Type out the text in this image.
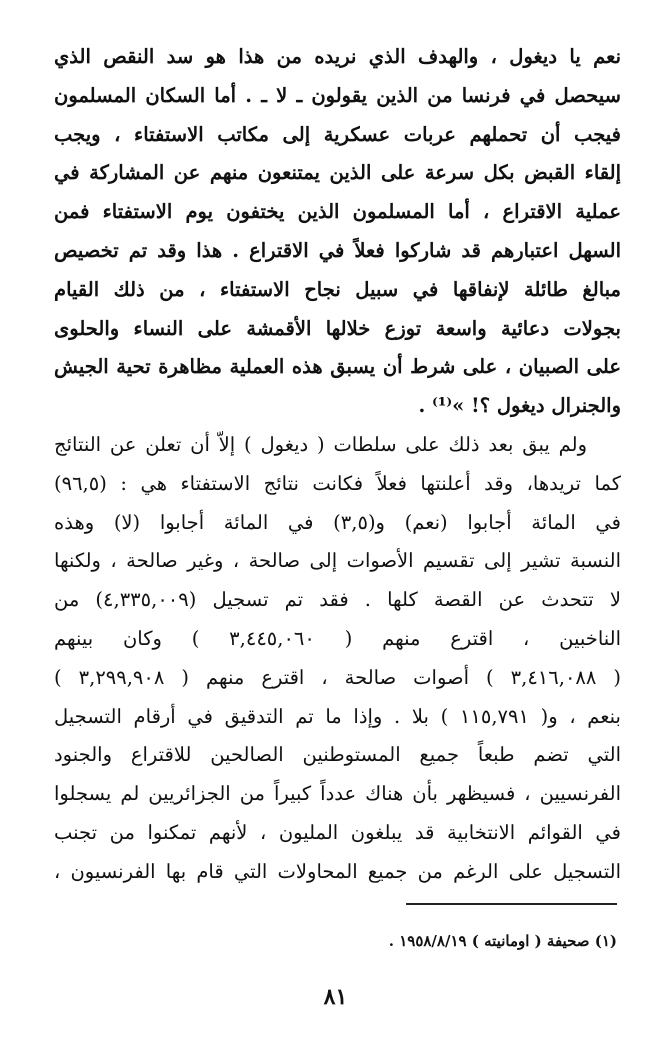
نعم يا ديغول ، والهدف الذي نريده من هذا هو سد النقص الذي
سيحصل في فرنسا من الذين يقولون ـ لا ـ . أما السكان المسلمون
فيجب أن تحملهم عربات عسكرية إلى مكاتب الاستفتاء ، ويجب
إلقاء القبض بكل سرعة على الذين يمتنعون منهم عن المشاركة في
عملية الاقتراع ، أما المسلمون الذين يختفون يوم الاستفتاء فمن
السهل اعتبارهم قد شاركوا فعلاً في الاقتراع . هذا وقد تم تخصيص
مبالغ طائلة لإنفاقها في سبيل نجاح الاستفتاء ، من ذلك القيام
بجولات دعائية واسعة توزع خلالها الأقمشة على النساء والحلوى
على الصبيان ، على شرط أن يسبق هذه العملية مظاهرة تحية الجيش
والجنرال ديغول ؟! »⁽¹⁾ .
ولم يبق بعد ذلك على سلطات ( ديغول ) إلاّ أن تعلن عن النتائج
كما تريدها، وقد أعلنتها فعلاً فكانت نتائج الاستفتاء هي : (٩٦,٥)
في المائة أجابوا (نعم) و(٣,٥) في المائة أجابوا (لا) وهذه
النسبة تشير إلى تقسيم الأصوات إلى صالحة ، وغير صالحة ، ولكنها
لا تتحدث عن القصة كلها . فقد تم تسجيل (٤,٣٣٥,٠٠٩) من
الناخبين ، اقترع منهم ( ٣,٤٤٥,٠٦٠ ) وكان بينهم
( ٣,٤١٦,٠٨٨ ) أصوات صالحة ، اقترع منهم ( ٣,٢٩٩,٩٠٨ )
بنعم ، و( ١١٥,٧٩١ ) بلا . وإذا ما تم التدقيق في أرقام التسجيل
التي تضم طبعاً جميع المستوطنين الصالحين للاقتراع والجنود
الفرنسيين ، فسيظهر بأن هناك عدداً كبيراً من الجزائريين لم يسجلوا
في القوائم الانتخابية قد يبلغون المليون ، لأنهم تمكنوا من تجنب
التسجيل على الرغم من جميع المحاولات التي قام بها الفرنسيون ،
(١) صحيفة ( اومانيته ) ١٩٥٨/٨/١٩ .
٨١
